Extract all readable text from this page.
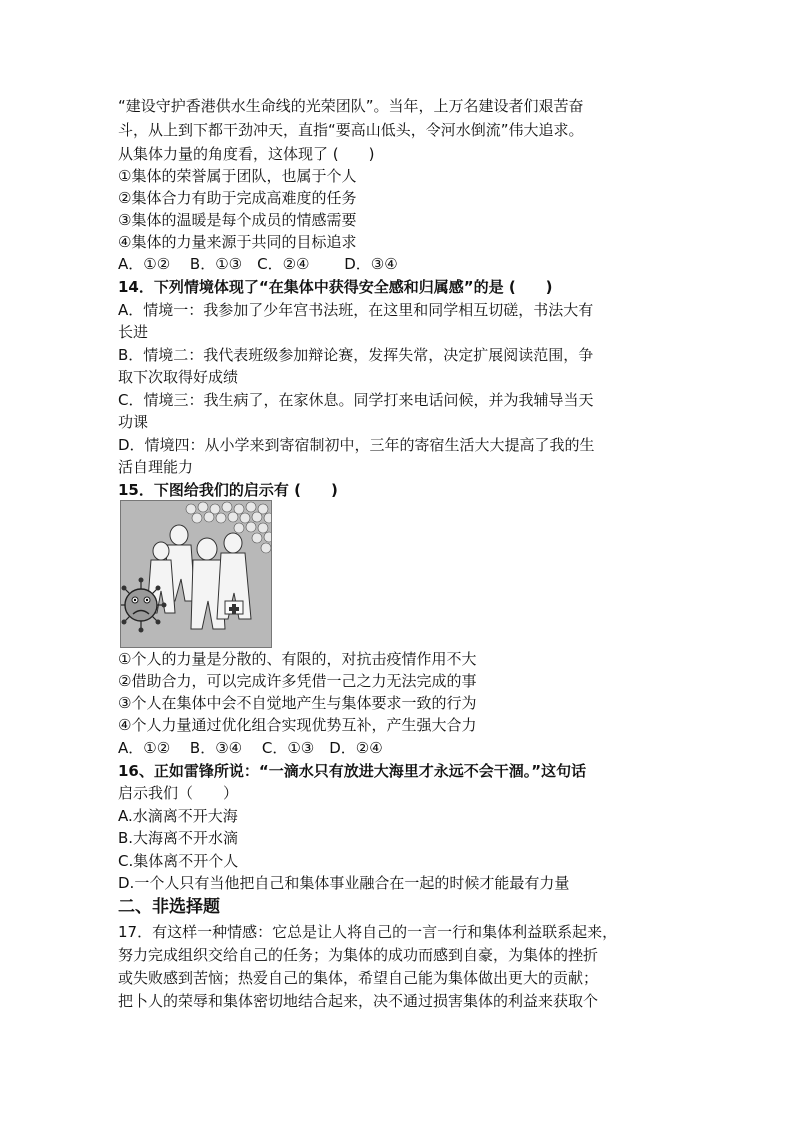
“建设守护香港供水生命线的光荣团队”。当年，上万名建设者们艰苦奋
斗，从上到下都干劲冲天，直指“要高山低头，令河水倒流”伟大追求。
从集体力量的角度看，这体现了 (　　)
①集体的荣誉属于团队，也属于个人
②集体合力有助于完成高难度的任务
③集体的温暖是每个成员的情感需要
④集体的力量来源于共同的目标追求
A．①②　 B．①③　C．②④　 　D．③④
14．下列情境体现了“在集体中获得安全感和归属感”的是 (　　)
A．情境一：我参加了少年宫书法班，在这里和同学相互切磋，书法大有
长进
B．情境二：我代表班级参加辩论赛，发挥失常，决定扩展阅读范围，争
取下次取得好成绩
C．情境三：我生病了，在家休息。同学打来电话问候，并为我辅导当天
功课
D．情境四：从小学来到寄宿制初中，三年的寄宿生活大大提高了我的生
活自理能力
15．下图给我们的启示有 (　　)
①个人的力量是分散的、有限的，对抗击疫情作用不大
②借助合力，可以完成许多凭借一己之力无法完成的事
③个人在集体中会不自觉地产生与集体要求一致的行为
④个人力量通过优化组合实现优势互补，产生强大合力
A．①②　 B．③④　 C．①③　D．②④
16、正如雷锋所说：“一滴水只有放进大海里才永远不会干涸。”这句话
启示我们（　　）
A.水滴离不开大海
B.大海离不开水滴
C.集体离不开个人
D.一个人只有当他把自己和集体事业融合在一起的时候才能最有力量
二、非选择题
17．有这样一种情感：它总是让人将自己的一言一行和集体利益联系起来，
努力完成组织交给自己的任务；为集体的成功而感到自豪，为集体的挫折
或失败感到苦恼；热爱自己的集体，希望自己能为集体做出更大的贡献；
把卜人的荣辱和集体密切地结合起来，决不通过损害集体的利益来获取个
